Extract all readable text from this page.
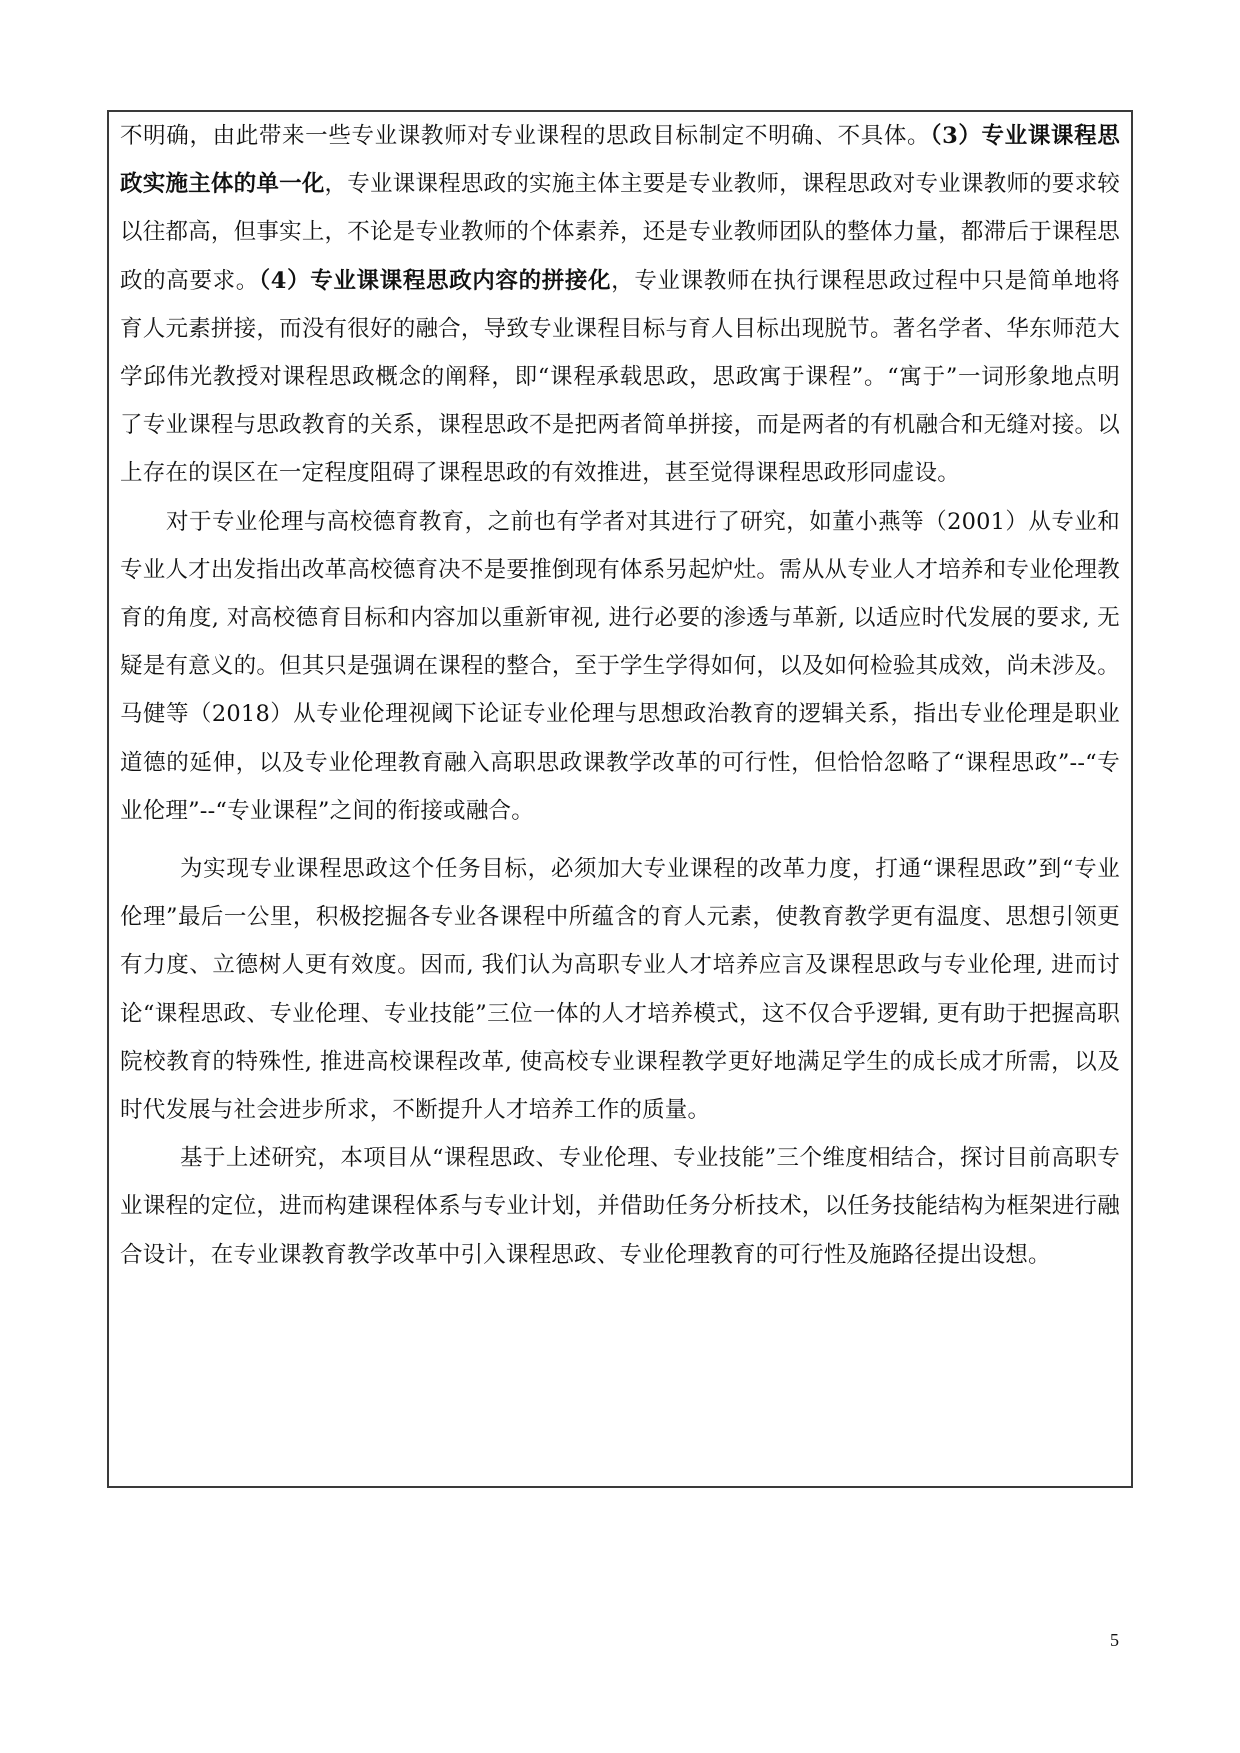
不明确，由此带来一些专业课教师对专业课程的思政目标制定不明确、不具体。（3）专业课课程思政实施主体的单一化，专业课课程思政的实施主体主要是专业教师，课程思政对专业课教师的要求较以往都高，但事实上，不论是专业教师的个体素养，还是专业教师团队的整体力量，都滞后于课程思政的高要求。（4）专业课课程思政内容的拼接化，专业课教师在执行课程思政过程中只是简单地将育人元素拼接，而没有很好的融合，导致专业课程目标与育人目标出现脱节。著名学者、华东师范大学邱伟光教授对课程思政概念的阐释，即“课程承载思政，思政寓于课程”。“寓于”一词形象地点明了专业课程与思政教育的关系，课程思政不是把两者简单拼接，而是两者的有机融合和无缝对接。以上存在的误区在一定程度阻碍了课程思政的有效推进，甚至觉得课程思政形同虚设。

对于专业伦理与高校德育教育，之前也有学者对其进行了研究，如董小燕等（2001）从专业和专业人才出发指出改革高校德育决不是要推倒现有体系另起炉灶。需从从专业人才培养和专业伦理教育的角度, 对高校德育目标和内容加以重新审视, 进行必要的渗透与革新, 以适应时代发展的要求, 无疑是有意义的。但其只是强调在课程的整合，至于学生学得如何，以及如何检验其成效，尚未涉及。马健等（2018）从专业伦理视阈下论证专业伦理与思想政治教育的逻辑关系，指出专业伦理是职业道德的延伸，以及专业伦理教育融入高职思政课教学改革的可行性，但恰恰忽略了“课程思政”--“专业伦理”--“专业课程”之间的衔接或融合。

为实现专业课程思政这个任务目标，必须加大专业课程的改革力度，打通“课程思政”到“专业伦理”最后一公里，积极挖掘各专业各课程中所蕴含的育人元素，使教育教学更有温度、思想引领更有力度、立德树人更有效度。因而, 我们认为高职专业人才培养应言及课程思政与专业伦理, 进而讨论“课程思政、专业伦理、专业技能”三位一体的人才培养模式，这不仅合乎逻辑, 更有助于把握高职院校教育的特殊性, 推进高校课程改革, 使高校专业课程教学更好地满足学生的成长成才所需，以及时代发展与社会进步所求，不断提升人才培养工作的质量。

基于上述研究，本项目从“课程思政、专业伦理、专业技能”三个维度相结合，探讨目前高职专业课程的定位，进而构建课程体系与专业计划，并借助任务分析技术，以任务技能结构为框架进行融合设计，在专业课教育教学改革中引入课程思政、专业伦理教育的可行性及施路径提出设想。

5
